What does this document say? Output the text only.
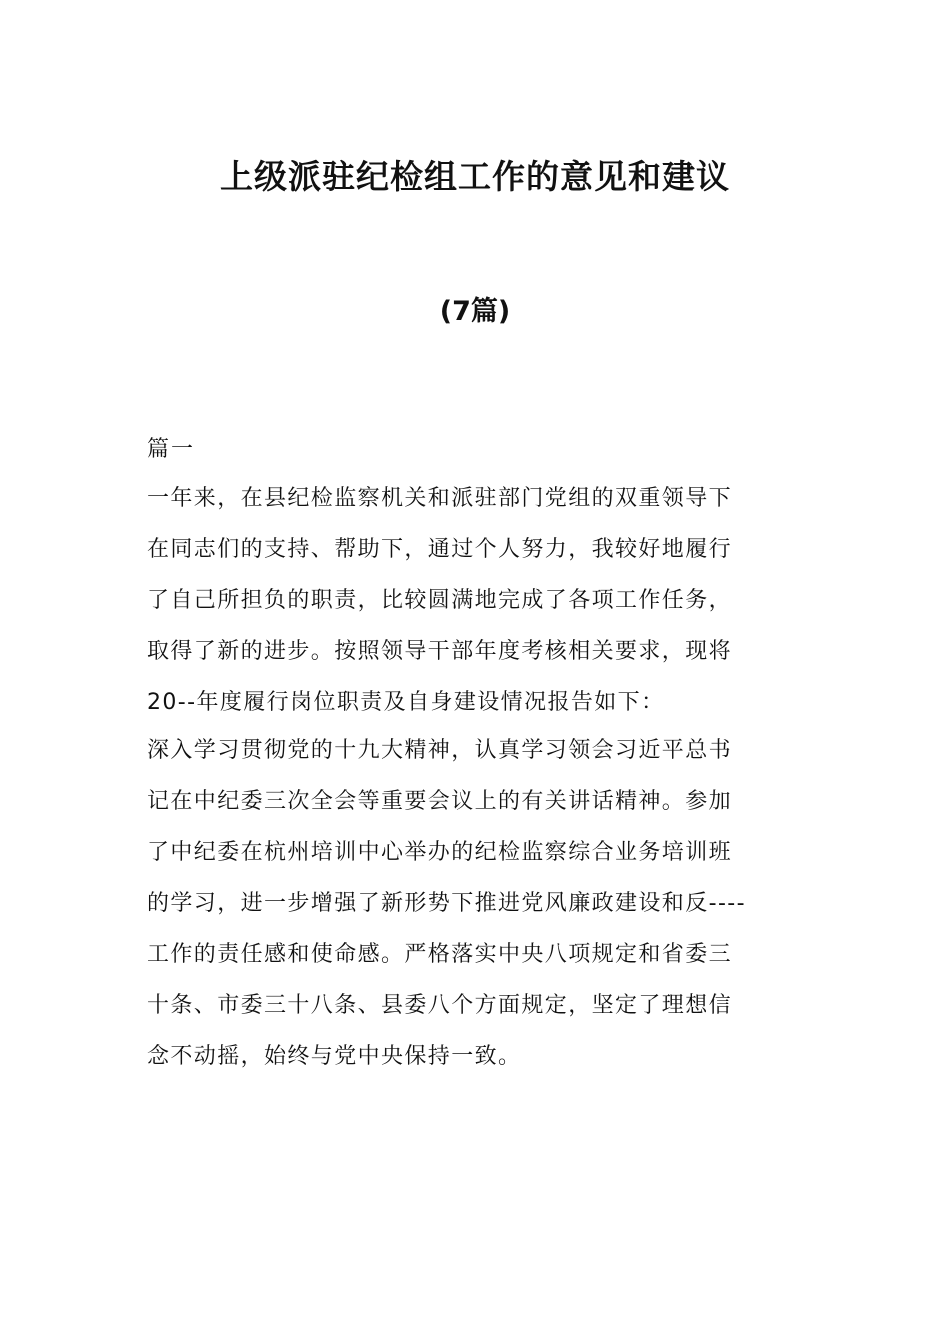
上级派驻纪检组工作的意见和建议
(7篇)
篇一
一年来，在县纪检监察机关和派驻部门党组的双重领导下
在同志们的支持、帮助下，通过个人努力，我较好地履行
了自己所担负的职责，比较圆满地完成了各项工作任务，
取得了新的进步。按照领导干部年度考核相关要求，现将
20--年度履行岗位职责及自身建设情况报告如下：
深入学习贯彻党的十九大精神，认真学习领会习近平总书
记在中纪委三次全会等重要会议上的有关讲话精神。参加
了中纪委在杭州培训中心举办的纪检监察综合业务培训班
的学习，进一步增强了新形势下推进党风廉政建设和反----
工作的责任感和使命感。严格落实中央八项规定和省委三
十条、市委三十八条、县委八个方面规定，坚定了理想信
念不动摇，始终与党中央保持一致。
